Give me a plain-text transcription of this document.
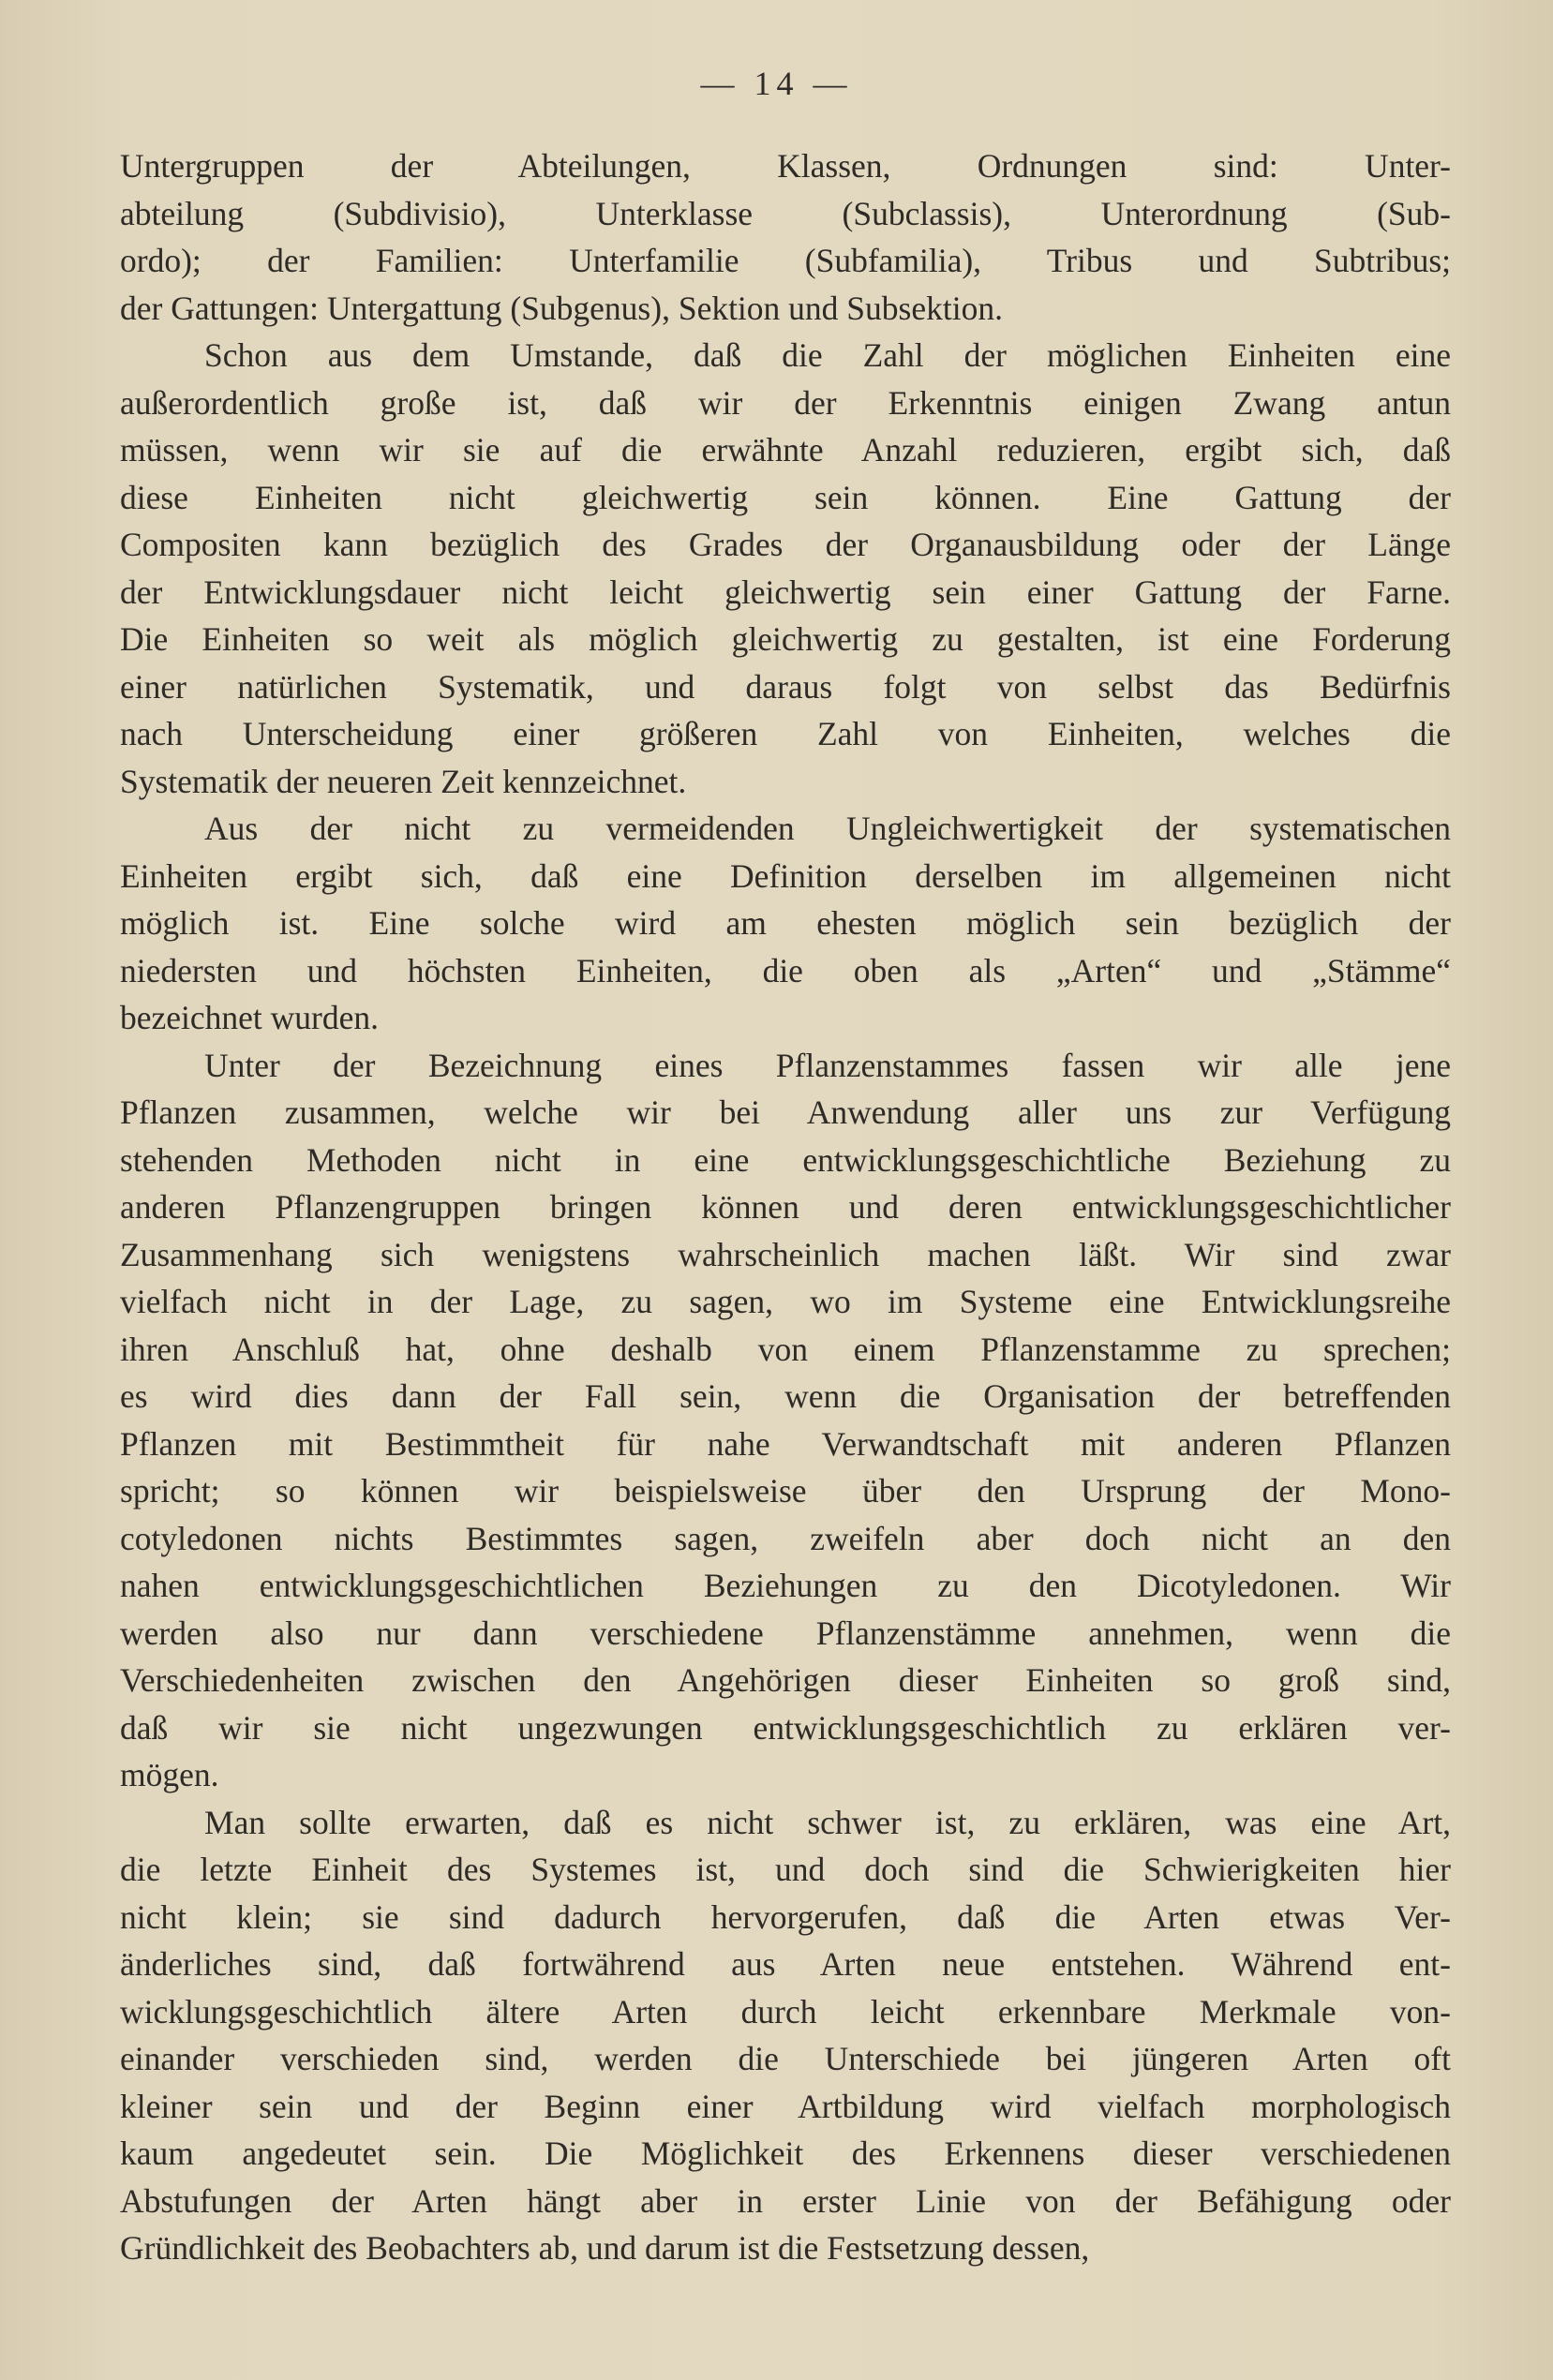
— 14 —
Untergruppen der Abteilungen, Klassen, Ordnungen sind: Unter-
abteilung (Subdivisio), Unterklasse (Subclassis), Unterordnung (Sub-
ordo); der Familien: Unterfamilie (Subfamilia), Tribus und Subtribus;
der Gattungen: Untergattung (Subgenus), Sektion und Subsektion.
Schon aus dem Umstande, daß die Zahl der möglichen Einheiten eine
außerordentlich große ist, daß wir der Erkenntnis einigen Zwang antun
müssen, wenn wir sie auf die erwähnte Anzahl reduzieren, ergibt sich, daß
diese Einheiten nicht gleichwertig sein können. Eine Gattung der
Compositen kann bezüglich des Grades der Organausbildung oder der Länge
der Entwicklungsdauer nicht leicht gleichwertig sein einer Gattung der Farne.
Die Einheiten so weit als möglich gleichwertig zu gestalten, ist eine Forderung
einer natürlichen Systematik, und daraus folgt von selbst das Bedürfnis
nach Unterscheidung einer größeren Zahl von Einheiten, welches die
Systematik der neueren Zeit kennzeichnet.
Aus der nicht zu vermeidenden Ungleichwertigkeit der systematischen
Einheiten ergibt sich, daß eine Definition derselben im allgemeinen nicht
möglich ist. Eine solche wird am ehesten möglich sein bezüglich der
niedersten und höchsten Einheiten, die oben als „Arten“ und „Stämme“
bezeichnet wurden.
Unter der Bezeichnung eines Pflanzenstammes fassen wir alle jene
Pflanzen zusammen, welche wir bei Anwendung aller uns zur Verfügung
stehenden Methoden nicht in eine entwicklungsgeschichtliche Beziehung zu
anderen Pflanzengruppen bringen können und deren entwicklungsgeschichtlicher
Zusammenhang sich wenigstens wahrscheinlich machen läßt. Wir sind zwar
vielfach nicht in der Lage, zu sagen, wo im Systeme eine Entwicklungsreihe
ihren Anschluß hat, ohne deshalb von einem Pflanzenstamme zu sprechen;
es wird dies dann der Fall sein, wenn die Organisation der betreffenden
Pflanzen mit Bestimmtheit für nahe Verwandtschaft mit anderen Pflanzen
spricht; so können wir beispielsweise über den Ursprung der Mono-
cotyledonen nichts Bestimmtes sagen, zweifeln aber doch nicht an den
nahen entwicklungsgeschichtlichen Beziehungen zu den Dicotyledonen. Wir
werden also nur dann verschiedene Pflanzenstämme annehmen, wenn die
Verschiedenheiten zwischen den Angehörigen dieser Einheiten so groß sind,
daß wir sie nicht ungezwungen entwicklungsgeschichtlich zu erklären ver-
mögen.
Man sollte erwarten, daß es nicht schwer ist, zu erklären, was eine Art,
die letzte Einheit des Systemes ist, und doch sind die Schwierigkeiten hier
nicht klein; sie sind dadurch hervorgerufen, daß die Arten etwas Ver-
änderliches sind, daß fortwährend aus Arten neue entstehen. Während ent-
wicklungsgeschichtlich ältere Arten durch leicht erkennbare Merkmale von-
einander verschieden sind, werden die Unterschiede bei jüngeren Arten oft
kleiner sein und der Beginn einer Artbildung wird vielfach morphologisch
kaum angedeutet sein. Die Möglichkeit des Erkennens dieser verschiedenen
Abstufungen der Arten hängt aber in erster Linie von der Befähigung oder
Gründlichkeit des Beobachters ab, und darum ist die Festsetzung dessen,
